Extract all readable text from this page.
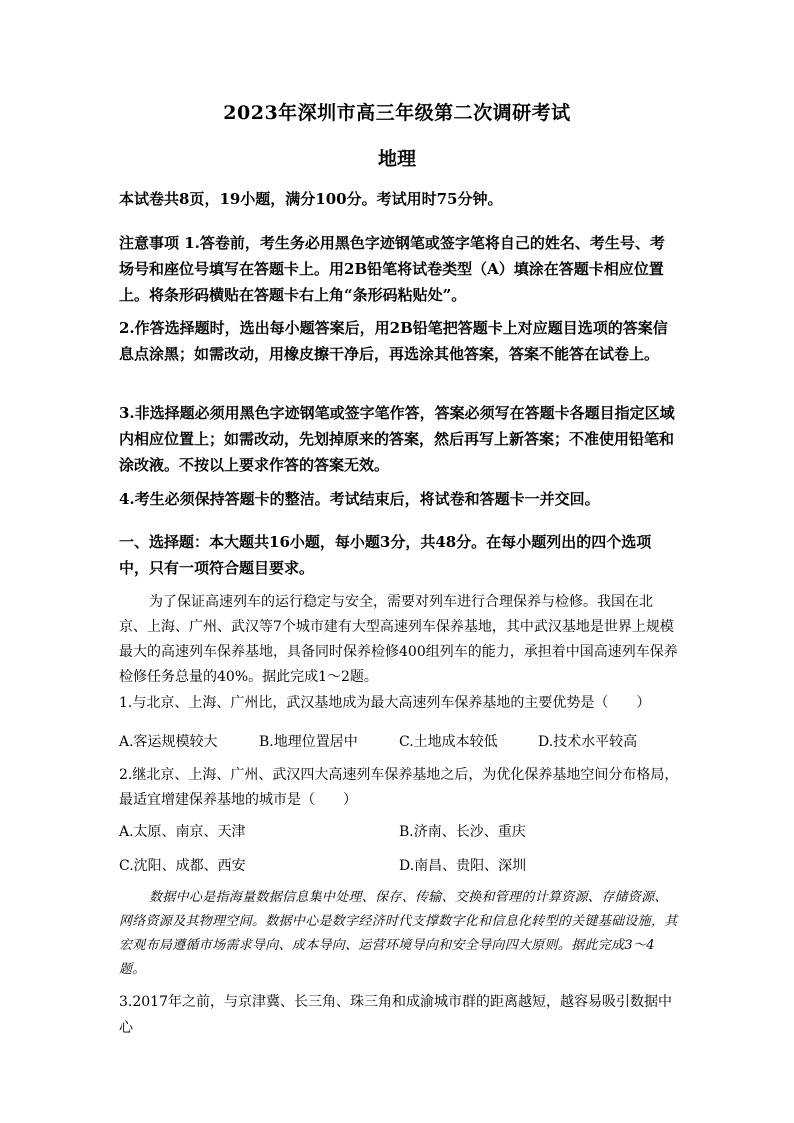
2023年深圳市高三年级第二次调研考试
地理
本试卷共8页，19小题，满分100分。考试用时75分钟。
注意事项 1.答卷前，考生务必用黑色字迹钢笔或签字笔将自己的姓名、考生号、考场号和座位号填写在答题卡上。用2B铅笔将试卷类型（A）填涂在答题卡相应位置上。将条形码横贴在答题卡右上角“条形码粘贴处”。
2.作答选择题时，选出每小题答案后，用2B铅笔把答题卡上对应题目选项的答案信息点涂黑；如需改动，用橡皮擦干净后，再选涂其他答案，答案不能答在试卷上。
3.非选择题必须用黑色字迹钢笔或签字笔作答，答案必须写在答题卡各题目指定区域内相应位置上；如需改动，先划掉原来的答案，然后再写上新答案；不准使用铅笔和涂改液。不按以上要求作答的答案无效。
4.考生必须保持答题卡的整洁。考试结束后，将试卷和答题卡一并交回。
一、选择题：本大题共16小题，每小题3分，共48分。在每小题列出的四个选项中，只有一项符合题目要求。
为了保证高速列车的运行稳定与安全，需要对列车进行合理保养与检修。我国在北京、上海、广州、武汉等7个城市建有大型高速列车保养基地，其中武汉基地是世界上规模最大的高速列车保养基地，具备同时保养检修400组列车的能力，承担着中国高速列车保养检修任务总量的40%。据此完成1～2题。
1.与北京、上海、广州比，武汉基地成为最大高速列车保养基地的主要优势是（　　）
A.客运规模较大	B.地理位置居中	C.土地成本较低	D.技术水平较高
2.继北京、上海、广州、武汉四大高速列车保养基地之后，为优化保养基地空间分布格局，最适宜增建保养基地的城市是（　　）
A.太原、南京、天津	B.济南、长沙、重庆
C.沈阳、成都、西安	D.南昌、贵阳、深圳
数据中心是指海量数据信息集中处理、保存、传输、交换和管理的计算资源、存储资源、网络资源及其物理空间。数据中心是数字经济时代支撑数字化和信息化转型的关键基础设施，其宏观布局遵循市场需求导向、成本导向、运营环境导向和安全导向四大原则。据此完成3～4题。
3.2017年之前，与京津冀、长三角、珠三角和成渝城市群的距离越短，越容易吸引数据中心
